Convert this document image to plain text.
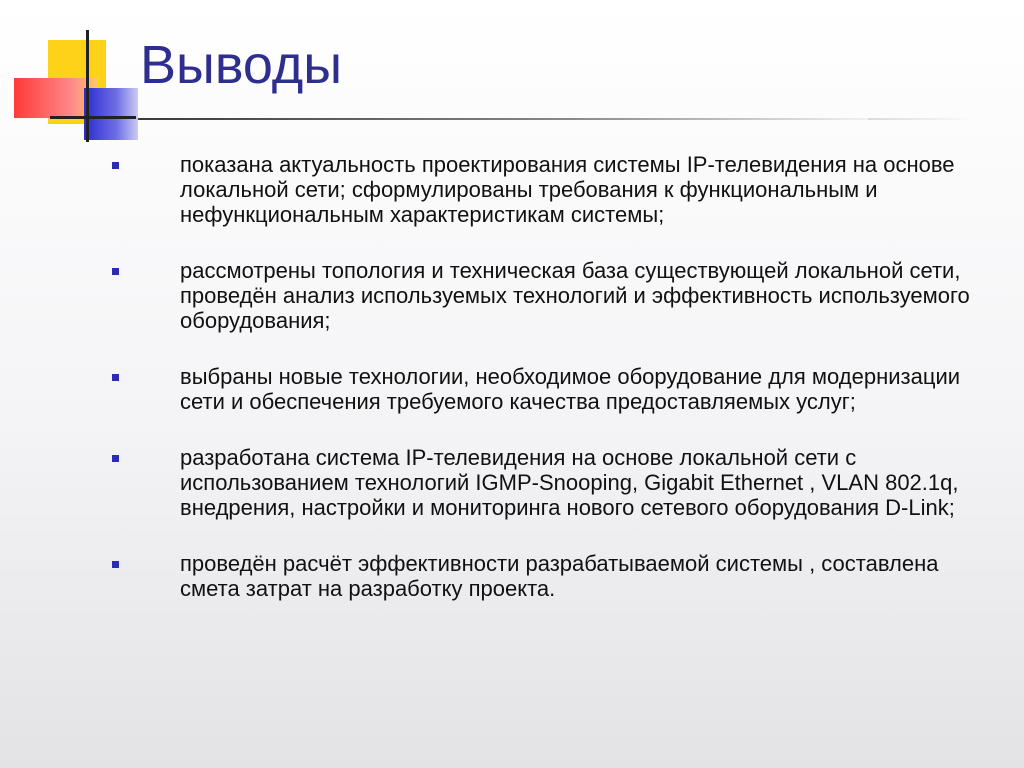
Выводы
показана актуальность проектирования системы IP-телевидения на основе локальной сети; сформулированы требования к функциональным и нефункциональным характеристикам системы;
рассмотрены топология и техническая база существующей локальной сети, проведён анализ используемых технологий и эффективность используемого оборудования;
выбраны новые технологии, необходимое оборудование для модернизации сети и обеспечения требуемого качества предоставляемых услуг;
разработана система IP-телевидения на основе локальной сети с использованием технологий IGMP-Snooping, Gigabit Ethernet , VLAN 802.1q, внедрения, настройки и мониторинга нового сетевого оборудования D-Link;
проведён расчёт эффективности разрабатываемой системы , составлена смета затрат на разработку проекта.
